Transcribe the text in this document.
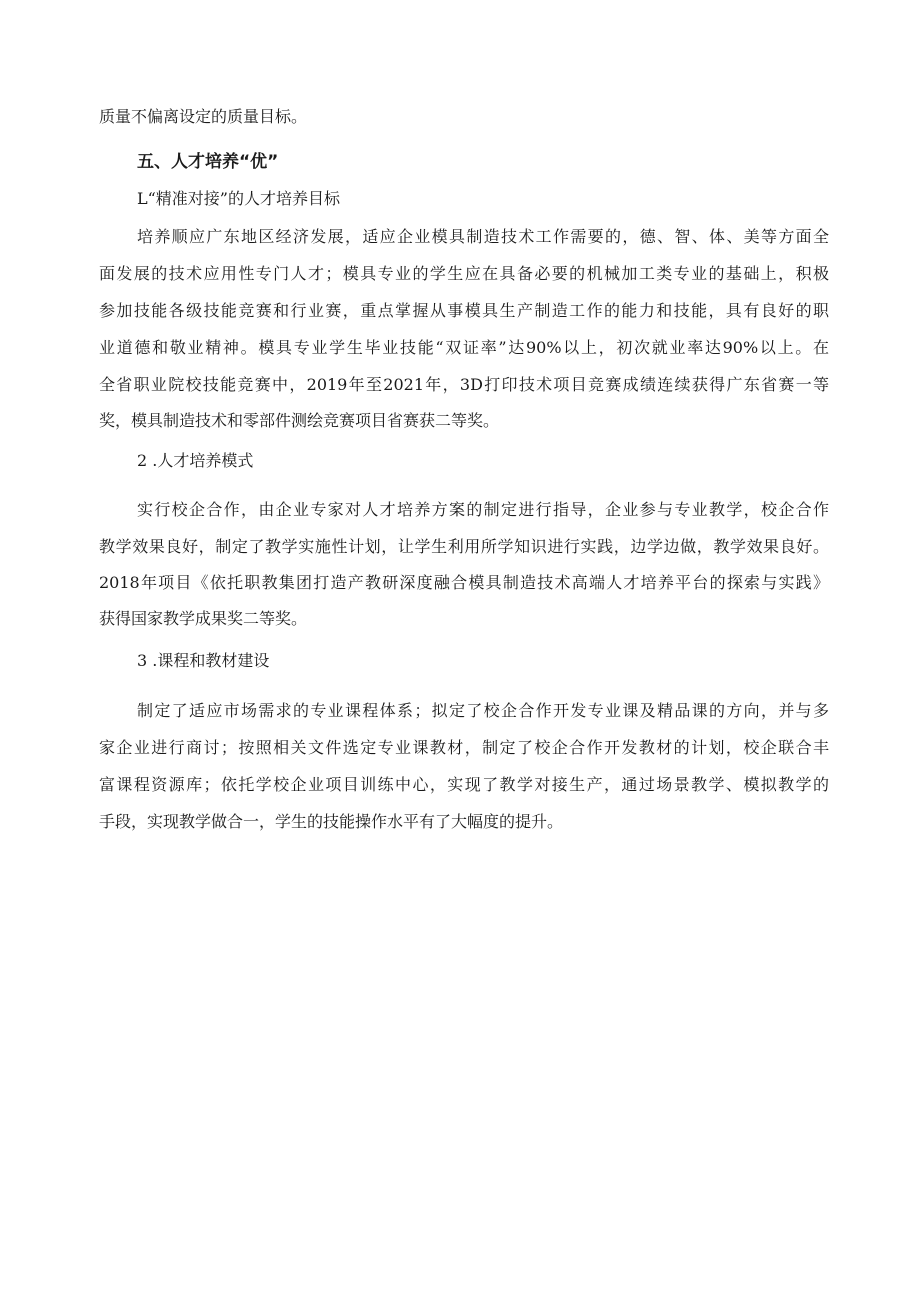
质量不偏离设定的质量目标。
五、人才培养“优”
L“精准对接”的人才培养目标
培养顺应广东地区经济发展，适应企业模具制造技术工作需要的，德、智、体、美等方面全
面发展的技术应用性专门人才；模具专业的学生应在具备必要的机械加工类专业的基础上，积极
参加技能各级技能竞赛和行业赛，重点掌握从事模具生产制造工作的能力和技能，具有良好的职
业道德和敬业精神。模具专业学生毕业技能“双证率”达90%以上，初次就业率达90%以上。在
全省职业院校技能竞赛中，2019年至2021年，3D打印技术项目竞赛成绩连续获得广东省赛一等
奖，模具制造技术和零部件测绘竞赛项目省赛获二等奖。
2 .人才培养模式
实行校企合作，由企业专家对人才培养方案的制定进行指导，企业参与专业教学，校企合作
教学效果良好，制定了教学实施性计划，让学生利用所学知识进行实践，边学边做，教学效果良好。
2018年项目《依托职教集团打造产教研深度融合模具制造技术高端人才培养平台的探索与实践》
获得国家教学成果奖二等奖。
3 .课程和教材建设
制定了适应市场需求的专业课程体系；拟定了校企合作开发专业课及精品课的方向，并与多
家企业进行商讨；按照相关文件选定专业课教材，制定了校企合作开发教材的计划，校企联合丰
富课程资源库；依托学校企业项目训练中心，实现了教学对接生产，通过场景教学、模拟教学的
手段，实现教学做合一，学生的技能操作水平有了大幅度的提升。
